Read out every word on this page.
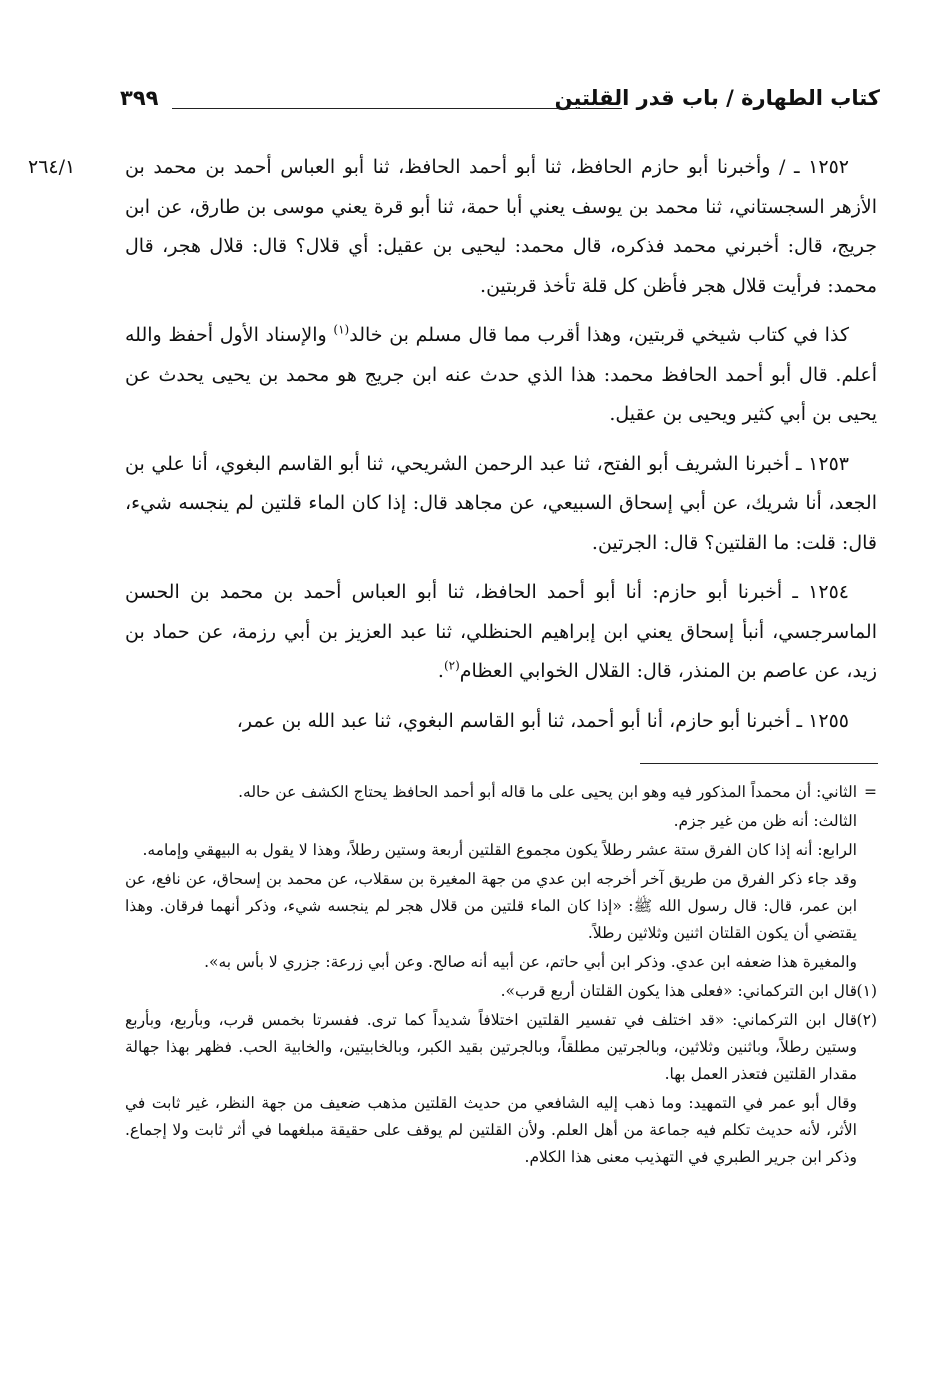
كتاب الطهارة / باب قدر القلتين
٣٩٩
٢٦٤/١	١٢٥٢ ـ / وأخبرنا أبو حازم الحافظ، ثنا أبو أحمد الحافظ، ثنا أبو العباس أحمد بن محمد بن الأزهر السجستاني، ثنا محمد بن يوسف يعني أبا حمة، ثنا أبو قرة يعني موسى بن طارق، عن ابن جريج، قال: أخبرني محمد فذكره، قال محمد: ليحيى بن عقيل: أي قلال؟ قال: قلال هجر، قال محمد: فرأيت قلال هجر فأظن كل قلة تأخذ قربتين.

كذا في كتاب شيخي قربتين، وهذا أقرب مما قال مسلم بن خالد$^{(١)}$ والإسناد الأول أحفظ والله أعلم. قال أبو أحمد الحافظ محمد: هذا الذي حدث عنه ابن جريج هو محمد بن يحيى يحدث عن يحيى بن أبي كثير ويحيى بن عقيل.

١٢٥٣ ـ أخبرنا الشريف أبو الفتح، ثنا عبد الرحمن الشريحي، ثنا أبو القاسم البغوي، أنا علي بن الجعد، أنا شريك، عن أبي إسحاق السبيعي، عن مجاهد قال: إذا كان الماء قلتين لم ينجسه شيء، قال: قلت: ما القلتين؟ قال: الجرتين.

١٢٥٤ ـ أخبرنا أبو حازم: أنا أبو أحمد الحافظ، ثنا أبو العباس أحمد بن محمد بن الحسن الماسرجسي، أنبأ إسحاق يعني ابن إبراهيم الحنظلي، ثنا عبد العزيز بن أبي رزمة، عن حماد بن زيد، عن عاصم بن المنذر، قال: القلال الخوابي العظام$^{(٢)}$.

١٢٥٥ ـ أخبرنا أبو حازم، أنا أبو أحمد، ثنا أبو القاسم البغوي، ثنا عبد الله بن عمر،

=الثاني: أن محمداً المذكور فيه وهو ابن يحيى على ما قاله أبو أحمد الحافظ يحتاج الكشف عن حاله.

الثالث: أنه ظن من غير جزم.

الرابع: أنه إذا كان الفرق ستة عشر رطلاً يكون مجموع القلتين أربعة وستين رطلاً، وهذا لا يقول به البيهقي وإمامه.

وقد جاء ذكر الفرق من طريق آخر أخرجه ابن عدي من جهة المغيرة بن سقلاب، عن محمد بن إسحاق، عن نافع، عن ابن عمر، قال: قال رسول الله ﷺ: «إذا كان الماء قلتين من قلال هجر لم ينجسه شيء، وذكر أنهما فرقان. وهذا يقتضي أن يكون القلتان اثنين وثلاثين رطلاً.

والمغيرة هذا ضعفه ابن عدي. وذكر ابن أبي حاتم، عن أبيه أنه صالح. وعن أبي زرعة: جزري لا بأس به».

(١)قال ابن التركماني: «فعلى هذا يكون القلتان أربع قرب».

(٢)قال ابن التركماني: «قد اختلف في تفسير القلتين اختلافاً شديداً كما ترى. ففسرتا بخمس قرب، وبأربع، وبأربع وستين رطلاً، وباثنين وثلاثين، وبالجرتين مطلقاً، وبالجرتين بقيد الكبر، وبالخابيتين، والخابية الحب. فظهر بهذا جهالة مقدار القلتين فتعذر العمل بها.

وقال أبو عمر في التمهيد: وما ذهب إليه الشافعي من حديث القلتين مذهب ضعيف من جهة النظر، غير ثابت في الأثر، لأنه حديث تكلم فيه جماعة من أهل العلم. ولأن القلتين لم يوقف على حقيقة مبلغهما في أثر ثابت ولا إجماع. وذكر ابن جرير الطبري في التهذيب معنى هذا الكلام.
